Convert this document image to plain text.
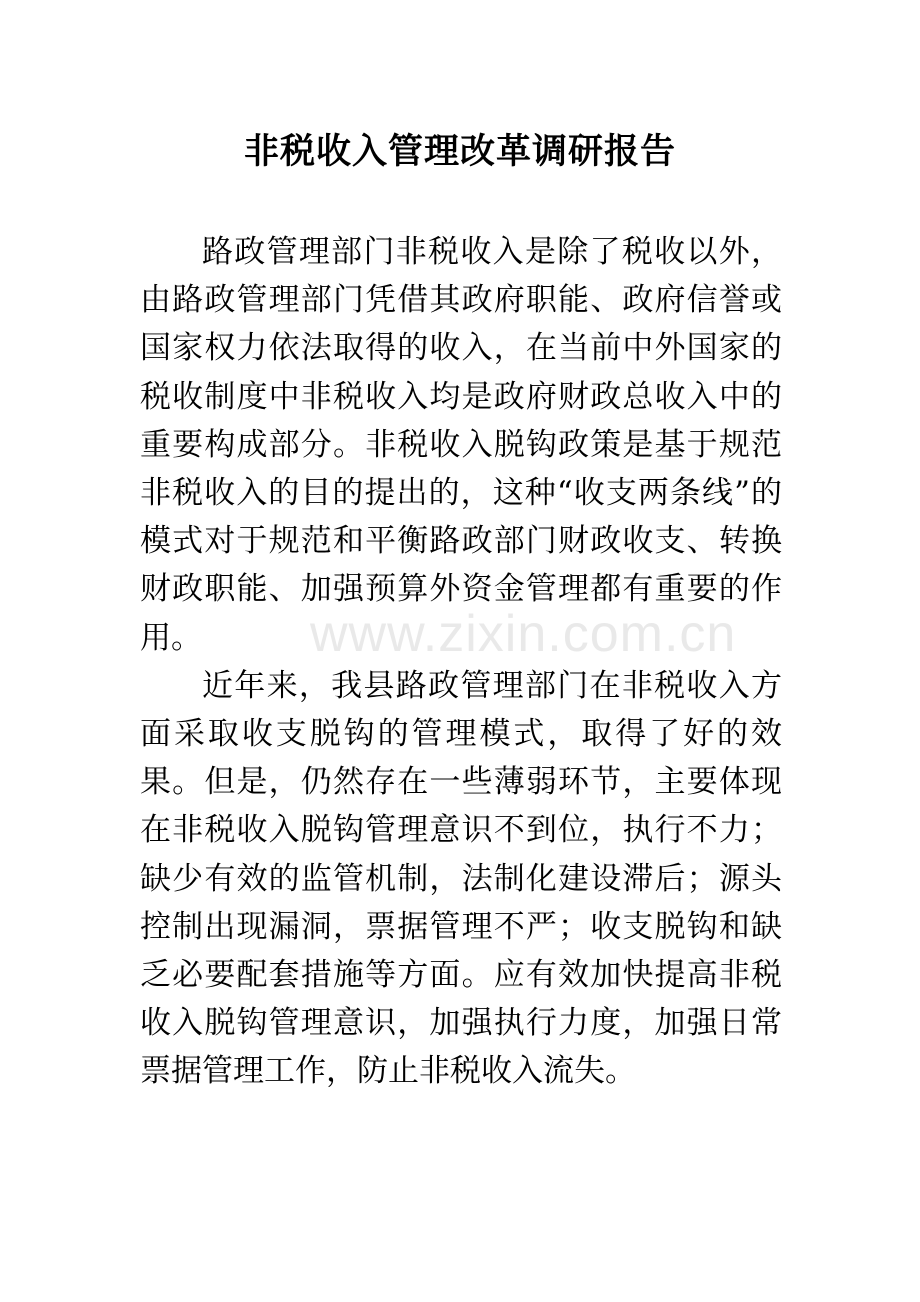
非税收入管理改革调研报告

路政管理部门非税收入是除了税收以外，由路政管理部门凭借其政府职能、政府信誉或国家权力依法取得的收入，在当前中外国家的税收制度中非税收入均是政府财政总收入中的重要构成部分。非税收入脱钩政策是基于规范非税收入的目的提出的，这种“收支两条线”的模式对于规范和平衡路政部门财政收支、转换财政职能、加强预算外资金管理都有重要的作用。

近年来，我县路政管理部门在非税收入方面采取收支脱钩的管理模式，取得了好的效果。但是，仍然存在一些薄弱环节，主要体现在非税收入脱钩管理意识不到位，执行不力；缺少有效的监管机制，法制化建设滞后；源头控制出现漏洞，票据管理不严；收支脱钩和缺乏必要配套措施等方面。应有效加快提高非税收入脱钩管理意识，加强执行力度，加强日常票据管理工作，防止非税收入流失。

www.zixin.com.cn
